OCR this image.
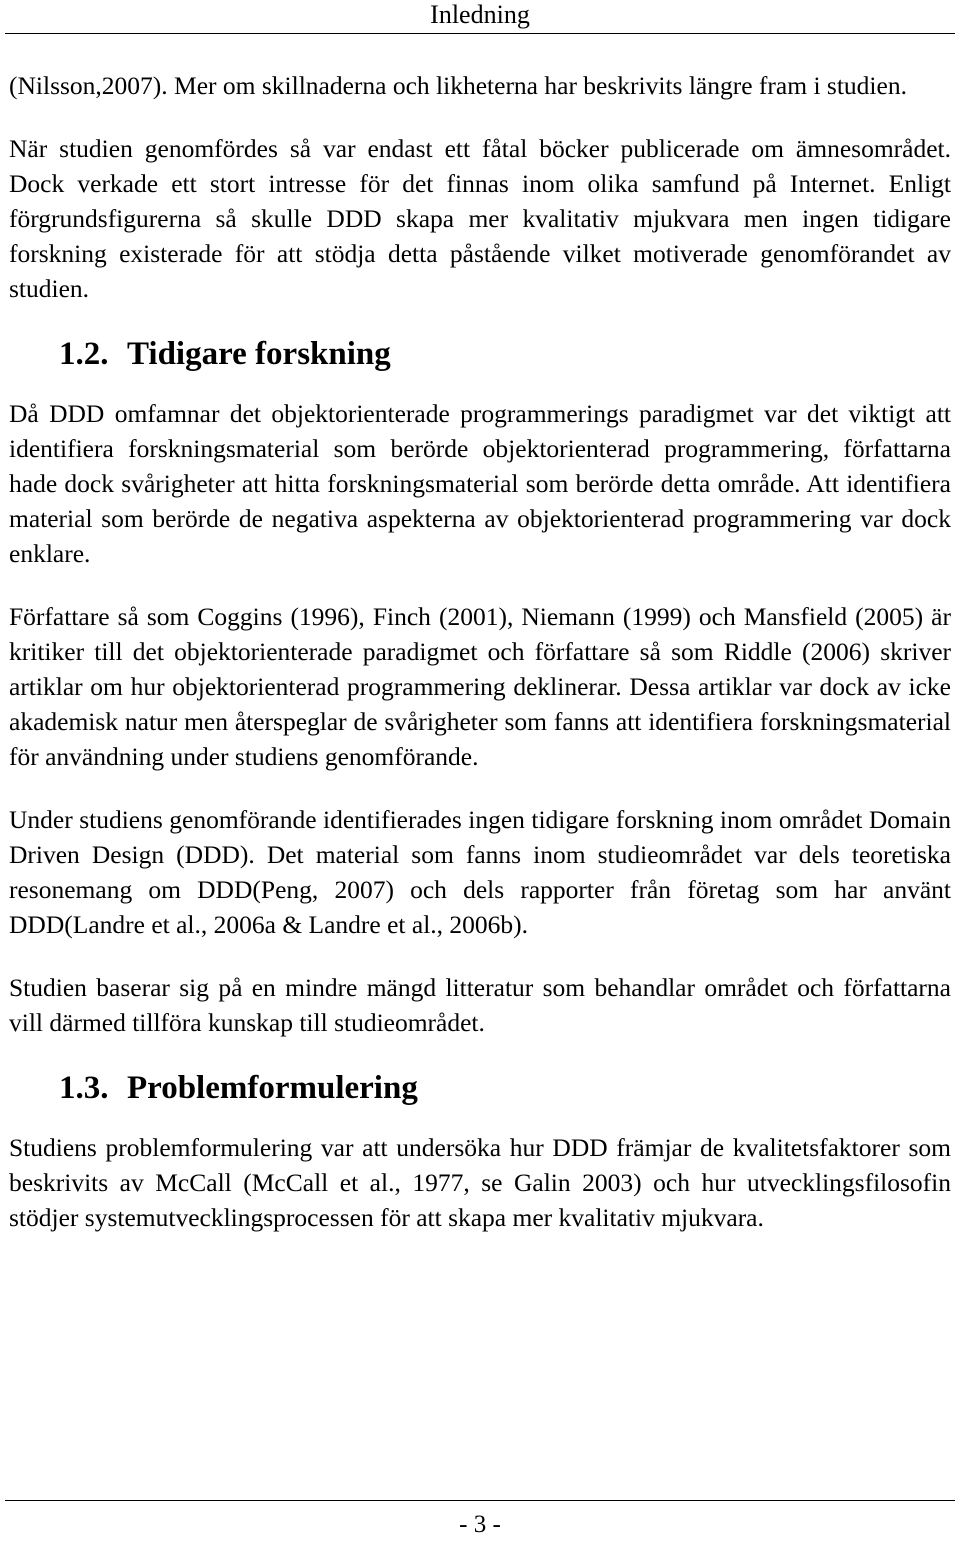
Inledning

(Nilsson,2007). Mer om skillnaderna och likheterna har beskrivits längre fram i studien.

När studien genomfördes så var endast ett fåtal böcker publicerade om ämnesområdet. Dock verkade ett stort intresse för det finnas inom olika samfund på Internet. Enligt förgrundsfigurerna så skulle DDD skapa mer kvalitativ mjukvara men ingen tidigare forskning existerade för att stödja detta påstående vilket motiverade genomförandet av studien.

1.2. Tidigare forskning

Då DDD omfamnar det objektorienterade programmerings paradigmet var det viktigt att identifiera forskningsmaterial som berörde objektorienterad programmering, författarna hade dock svårigheter att hitta forskningsmaterial som berörde detta område. Att identifiera material som berörde de negativa aspekterna av objektorienterad programmering var dock enklare.

Författare så som Coggins (1996), Finch (2001), Niemann (1999) och Mansfield (2005) är kritiker till det objektorienterade paradigmet och författare så som Riddle (2006) skriver artiklar om hur objektorienterad programmering deklinerar. Dessa artiklar var dock av icke akademisk natur men återspeglar de svårigheter som fanns att identifiera forskningsmaterial för användning under studiens genomförande.

Under studiens genomförande identifierades ingen tidigare forskning inom området Domain Driven Design (DDD). Det material som fanns inom studieområdet var dels teoretiska resonemang om DDD(Peng, 2007) och dels rapporter från företag som har använt DDD(Landre et al., 2006a & Landre et al., 2006b).

Studien baserar sig på en mindre mängd litteratur som behandlar området och författarna vill därmed tillföra kunskap till studieområdet.

1.3. Problemformulering

Studiens problemformulering var att undersöka hur DDD främjar de kvalitetsfaktorer som beskrivits av McCall (McCall et al., 1977, se Galin 2003) och hur utvecklingsfilosofin stödjer systemutvecklingsprocessen för att skapa mer kvalitativ mjukvara.

- 3 -
